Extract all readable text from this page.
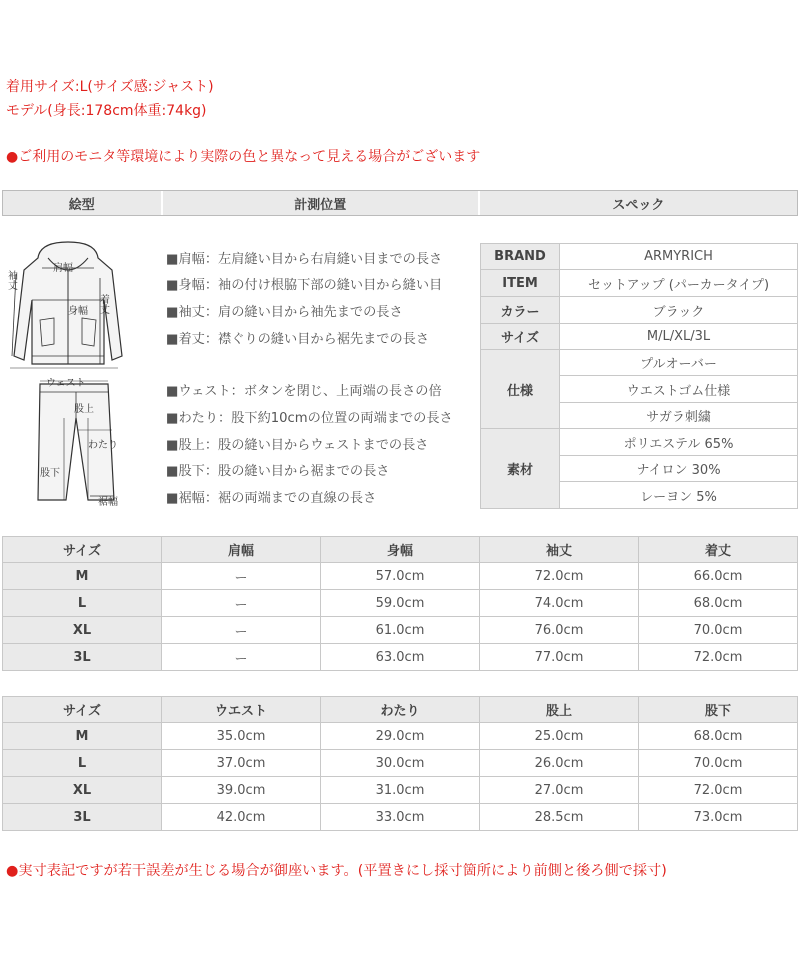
着用サイズ:L(サイズ感:ジャスト)
モデル(身長:178cm体重:74kg)
●ご利用のモニタ等環境により実際の色と異なって見える場合がございます
絵型	計測位置	スペック
肩幅
袖丈
身幅
着丈
ウェスト
股上
わたり
股下
裾幅
■肩幅：左肩縫い目から右肩縫い目までの長さ
■身幅：袖の付け根脇下部の縫い目から縫い目
■袖丈：肩の縫い目から袖先までの長さ
■着丈：襟ぐりの縫い目から裾先までの長さ
■ウェスト：ボタンを閉じ、上両端の長さの倍
■わたり：股下約10cmの位置の両端までの長さ
■股上：股の縫い目からウェストまでの長さ
■股下：股の縫い目から裾までの長さ
■裾幅：裾の両端までの直線の長さ
BRAND	ARMYRICH
ITEM	セットアップ (パーカータイプ)
カラー	ブラック
サイズ	M/L/XL/3L
仕様	プルオーバー
	ウエストゴム仕様
	サガラ刺繍
素材	ポリエステル 65%
	ナイロン 30%
	レーヨン 5%
サイズ	肩幅	身幅	袖丈	着丈
M	ー	57.0cm	72.0cm	66.0cm
L	ー	59.0cm	74.0cm	68.0cm
XL	ー	61.0cm	76.0cm	70.0cm
3L	ー	63.0cm	77.0cm	72.0cm
サイズ	ウエスト	わたり	股上	股下
M	35.0cm	29.0cm	25.0cm	68.0cm
L	37.0cm	30.0cm	26.0cm	70.0cm
XL	39.0cm	31.0cm	27.0cm	72.0cm
3L	42.0cm	33.0cm	28.5cm	73.0cm
●実寸表記ですが若干誤差が生じる場合が御座います。(平置きにし採寸箇所により前側と後ろ側で採寸)
